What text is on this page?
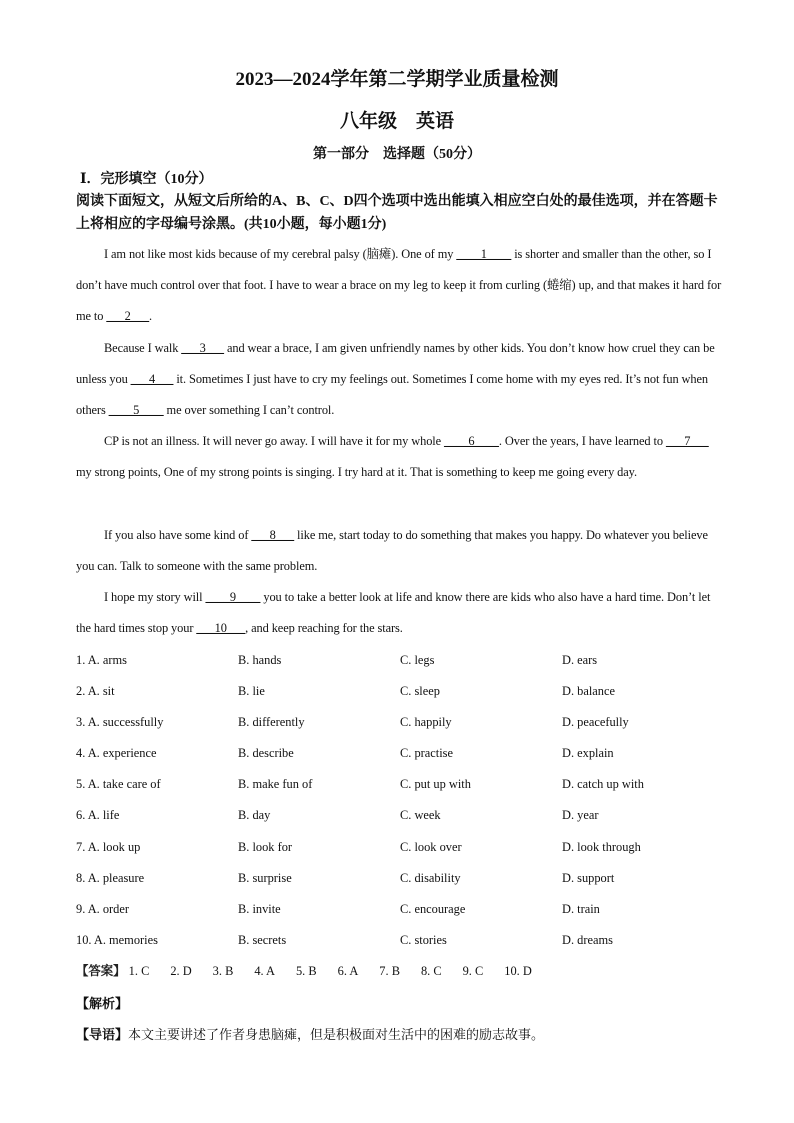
2023—2024学年第二学期学业质量检测
八年级　英语
第一部分　选择题（50分）
Ⅰ．完形填空（10分）
阅读下面短文，从短文后所给的A、B、C、D四个选项中选出能填入相应空白处的最佳选项，并在答题卡上将相应的字母编号涂黑。(共10小题，每小题1分)

I am not like most kids because of my cerebral palsy (脑瘫). One of my ____1____ is shorter and smaller than the other, so I don’t have much control over that foot. I have to wear a brace on my leg to keep it from curling (蜷缩) up, and that makes it hard for me to ___2___.

Because I walk ___3___ and wear a brace, I am given unfriendly names by other kids. You don’t know how cruel they can be unless you ___4___ it. Sometimes I just have to cry my feelings out. Sometimes I come home with my eyes red. It’s not fun when others ____5____ me over something I can’t control.

CP is not an illness. It will never go away. I will have it for my whole ____6____. Over the years, I have learned to ___7___ my strong points, One of my strong points is singing. I try hard at it. That is something to keep me going every day.

If you also have some kind of ___8___ like me, start today to do something that makes you happy. Do whatever you believe you can. Talk to someone with the same problem.

I hope my story will ____9____ you to take a better look at life and know there are kids who also have a hard time. Don’t let the hard times stop your ___10___, and keep reaching for the stars.

1. A. arms	B. hands	C. legs	D. ears
2. A. sit	B. lie	C. sleep	D. balance
3. A. successfully	B. differently	C. happily	D. peacefully
4. A. experience	B. describe	C. practise	D. explain
5. A. take care of	B. make fun of	C. put up with	D. catch up with
6. A. life	B. day	C. week	D. year
7. A. look up	B. look for	C. look over	D. look through
8. A. pleasure	B. surprise	C. disability	D. support
9. A. order	B. invite	C. encourage	D. train
10. A. memories	B. secrets	C. stories	D. dreams
【答案】 1. C 2. D 3. B 4. A 5. B 6. A 7. B 8. C 9. C 10. D
【解析】
【导语】本文主要讲述了作者身患脑瘫，但是积极面对生活中的困难的励志故事。
